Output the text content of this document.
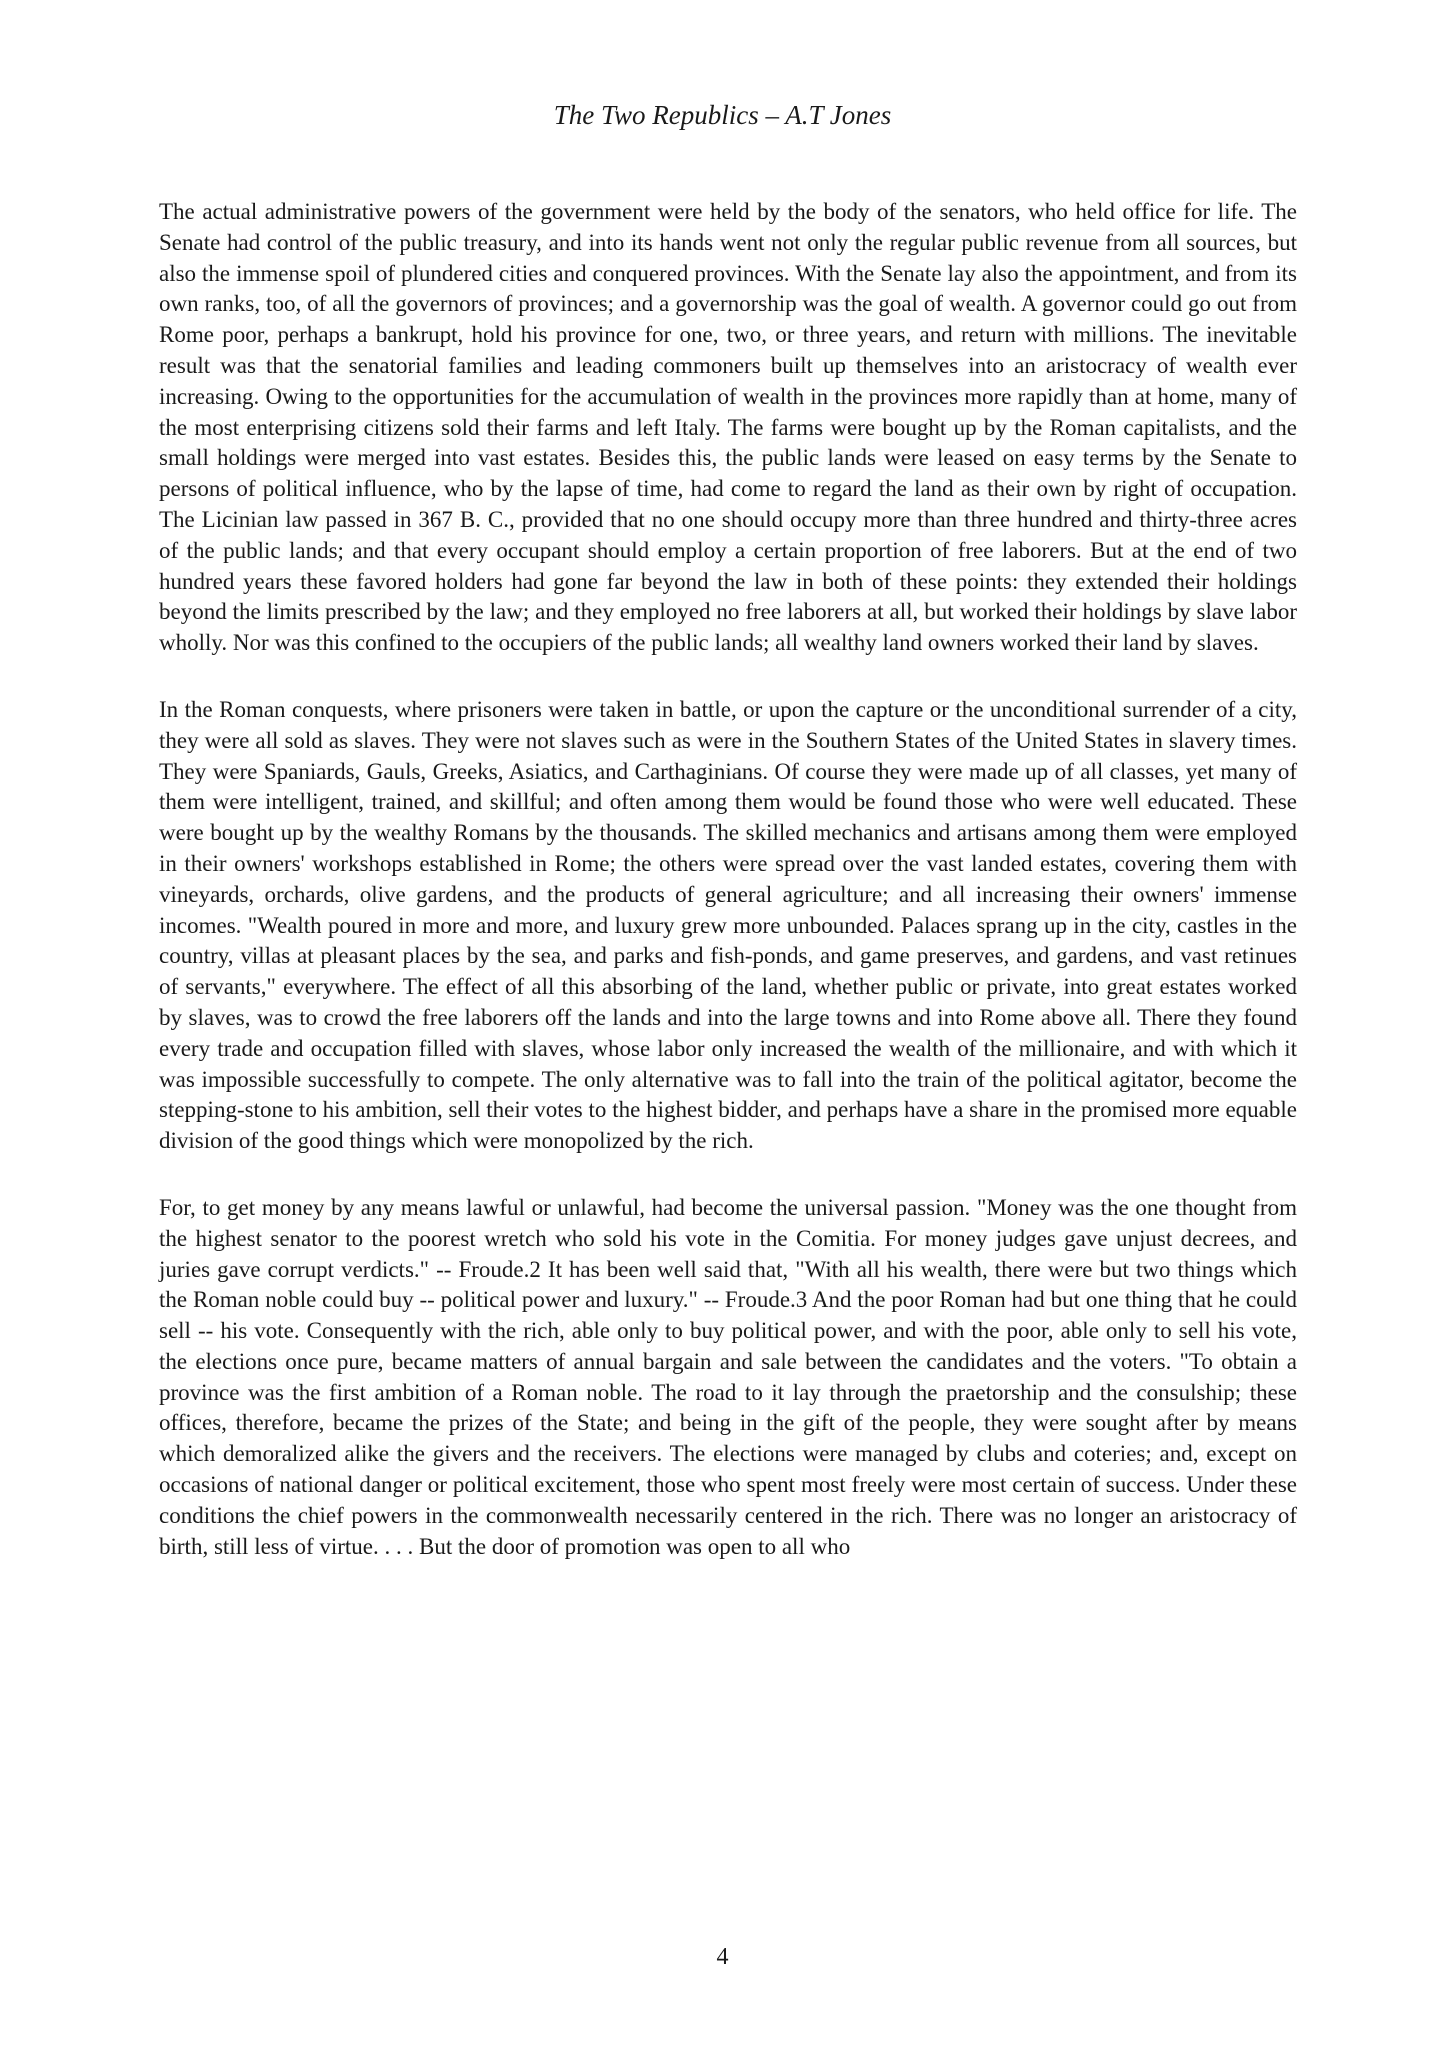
The Two Republics – A.T Jones

The actual administrative powers of the government were held by the body of the senators, who held office for life. The Senate had control of the public treasury, and into its hands went not only the regular public revenue from all sources, but also the immense spoil of plundered cities and conquered provinces. With the Senate lay also the appointment, and from its own ranks, too, of all the governors of provinces; and a governorship was the goal of wealth. A governor could go out from Rome poor, perhaps a bankrupt, hold his province for one, two, or three years, and return with millions. The inevitable result was that the senatorial families and leading commoners built up themselves into an aristocracy of wealth ever increasing. Owing to the opportunities for the accumulation of wealth in the provinces more rapidly than at home, many of the most enterprising citizens sold their farms and left Italy. The farms were bought up by the Roman capitalists, and the small holdings were merged into vast estates. Besides this, the public lands were leased on easy terms by the Senate to persons of political influence, who by the lapse of time, had come to regard the land as their own by right of occupation. The Licinian law passed in 367 B. C., provided that no one should occupy more than three hundred and thirty-three acres of the public lands; and that every occupant should employ a certain proportion of free laborers. But at the end of two hundred years these favored holders had gone far beyond the law in both of these points: they extended their holdings beyond the limits prescribed by the law; and they employed no free laborers at all, but worked their holdings by slave labor wholly. Nor was this confined to the occupiers of the public lands; all wealthy land owners worked their land by slaves.

In the Roman conquests, where prisoners were taken in battle, or upon the capture or the unconditional surrender of a city, they were all sold as slaves. They were not slaves such as were in the Southern States of the United States in slavery times. They were Spaniards, Gauls, Greeks, Asiatics, and Carthaginians. Of course they were made up of all classes, yet many of them were intelligent, trained, and skillful; and often among them would be found those who were well educated. These were bought up by the wealthy Romans by the thousands. The skilled mechanics and artisans among them were employed in their owners' workshops established in Rome; the others were spread over the vast landed estates, covering them with vineyards, orchards, olive gardens, and the products of general agriculture; and all increasing their owners' immense incomes. "Wealth poured in more and more, and luxury grew more unbounded. Palaces sprang up in the city, castles in the country, villas at pleasant places by the sea, and parks and fish-ponds, and game preserves, and gardens, and vast retinues of servants," everywhere. The effect of all this absorbing of the land, whether public or private, into great estates worked by slaves, was to crowd the free laborers off the lands and into the large towns and into Rome above all. There they found every trade and occupation filled with slaves, whose labor only increased the wealth of the millionaire, and with which it was impossible successfully to compete. The only alternative was to fall into the train of the political agitator, become the stepping-stone to his ambition, sell their votes to the highest bidder, and perhaps have a share in the promised more equable division of the good things which were monopolized by the rich.

For, to get money by any means lawful or unlawful, had become the universal passion. "Money was the one thought from the highest senator to the poorest wretch who sold his vote in the Comitia. For money judges gave unjust decrees, and juries gave corrupt verdicts." -- Froude.2 It has been well said that, "With all his wealth, there were but two things which the Roman noble could buy -- political power and luxury." -- Froude.3 And the poor Roman had but one thing that he could sell -- his vote. Consequently with the rich, able only to buy political power, and with the poor, able only to sell his vote, the elections once pure, became matters of annual bargain and sale between the candidates and the voters. "To obtain a province was the first ambition of a Roman noble. The road to it lay through the praetorship and the consulship; these offices, therefore, became the prizes of the State; and being in the gift of the people, they were sought after by means which demoralized alike the givers and the receivers. The elections were managed by clubs and coteries; and, except on occasions of national danger or political excitement, those who spent most freely were most certain of success. Under these conditions the chief powers in the commonwealth necessarily centered in the rich. There was no longer an aristocracy of birth, still less of virtue. . . . But the door of promotion was open to all who

4
